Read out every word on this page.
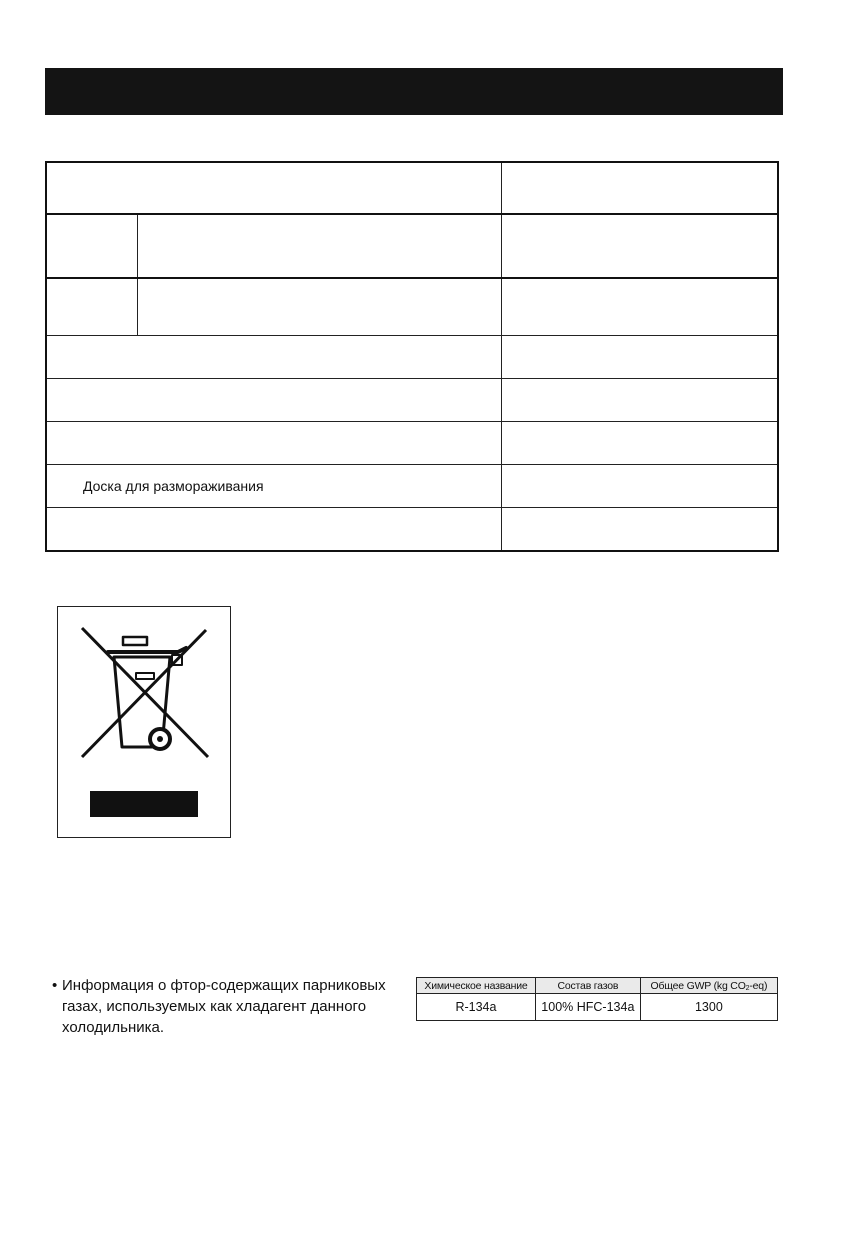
Доска для размораживания		

• Информация о фтор-содержащих парниковых
газах, используемых как хладагент данного
холодильника.
Химическое название	Состав газов	Общее GWP (kg $CO_2-eq$)
R-134a	100% HFC-134a	1300
